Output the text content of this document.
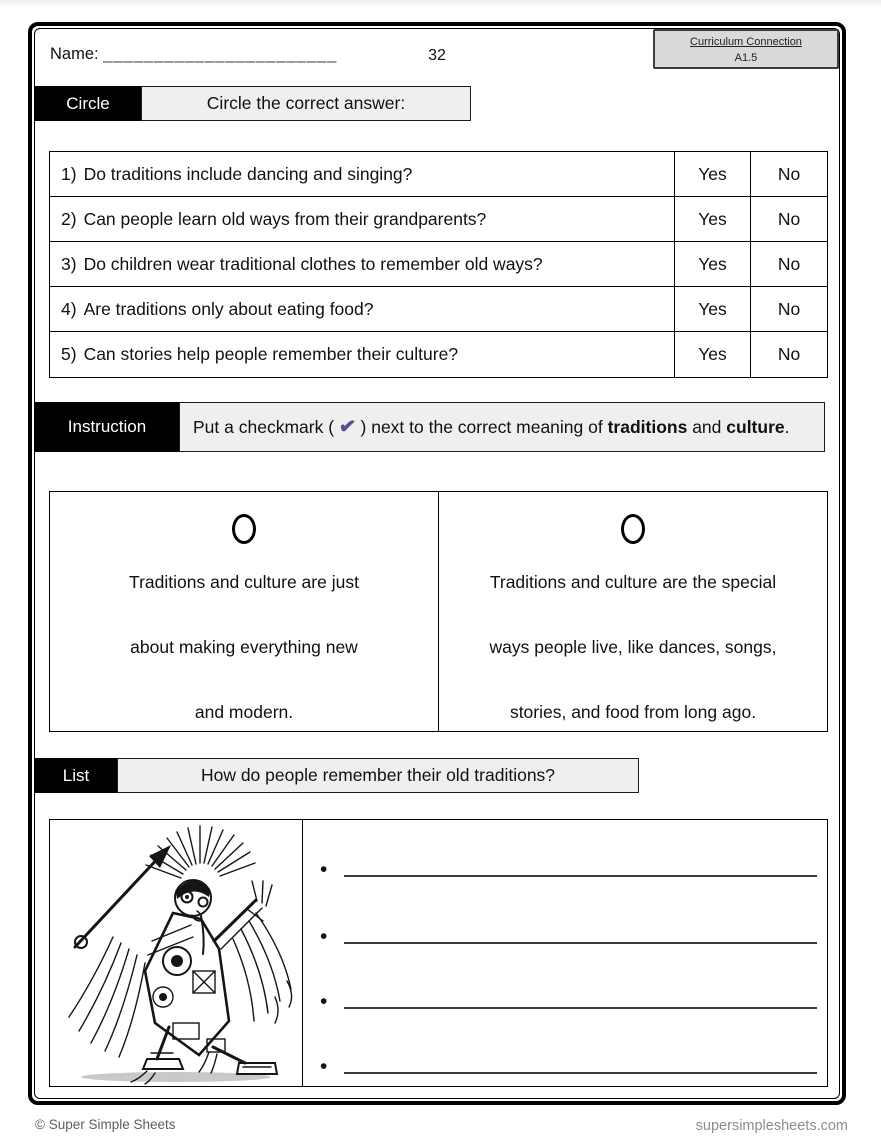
Name: _______________________	32
Curriculum Connection
A1.5
Circle	Circle the correct answer:
1) Do traditions include dancing and singing?	Yes	No
2) Can people learn old ways from their grandparents?	Yes	No
3) Do children wear traditional clothes to remember old ways?	Yes	No
4) Are traditions only about eating food?	Yes	No
5) Can stories help people remember their culture?	Yes	No
Instruction	Put a checkmark ( ✔ ) next to the correct meaning of traditions and culture.
Traditions and culture are just
about making everything new
and modern.
Traditions and culture are the special
ways people live, like dances, songs,
stories, and food from long ago.
List	How do people remember their old traditions?
•
•
•
•
© Super Simple Sheets	supersimplesheets.com
